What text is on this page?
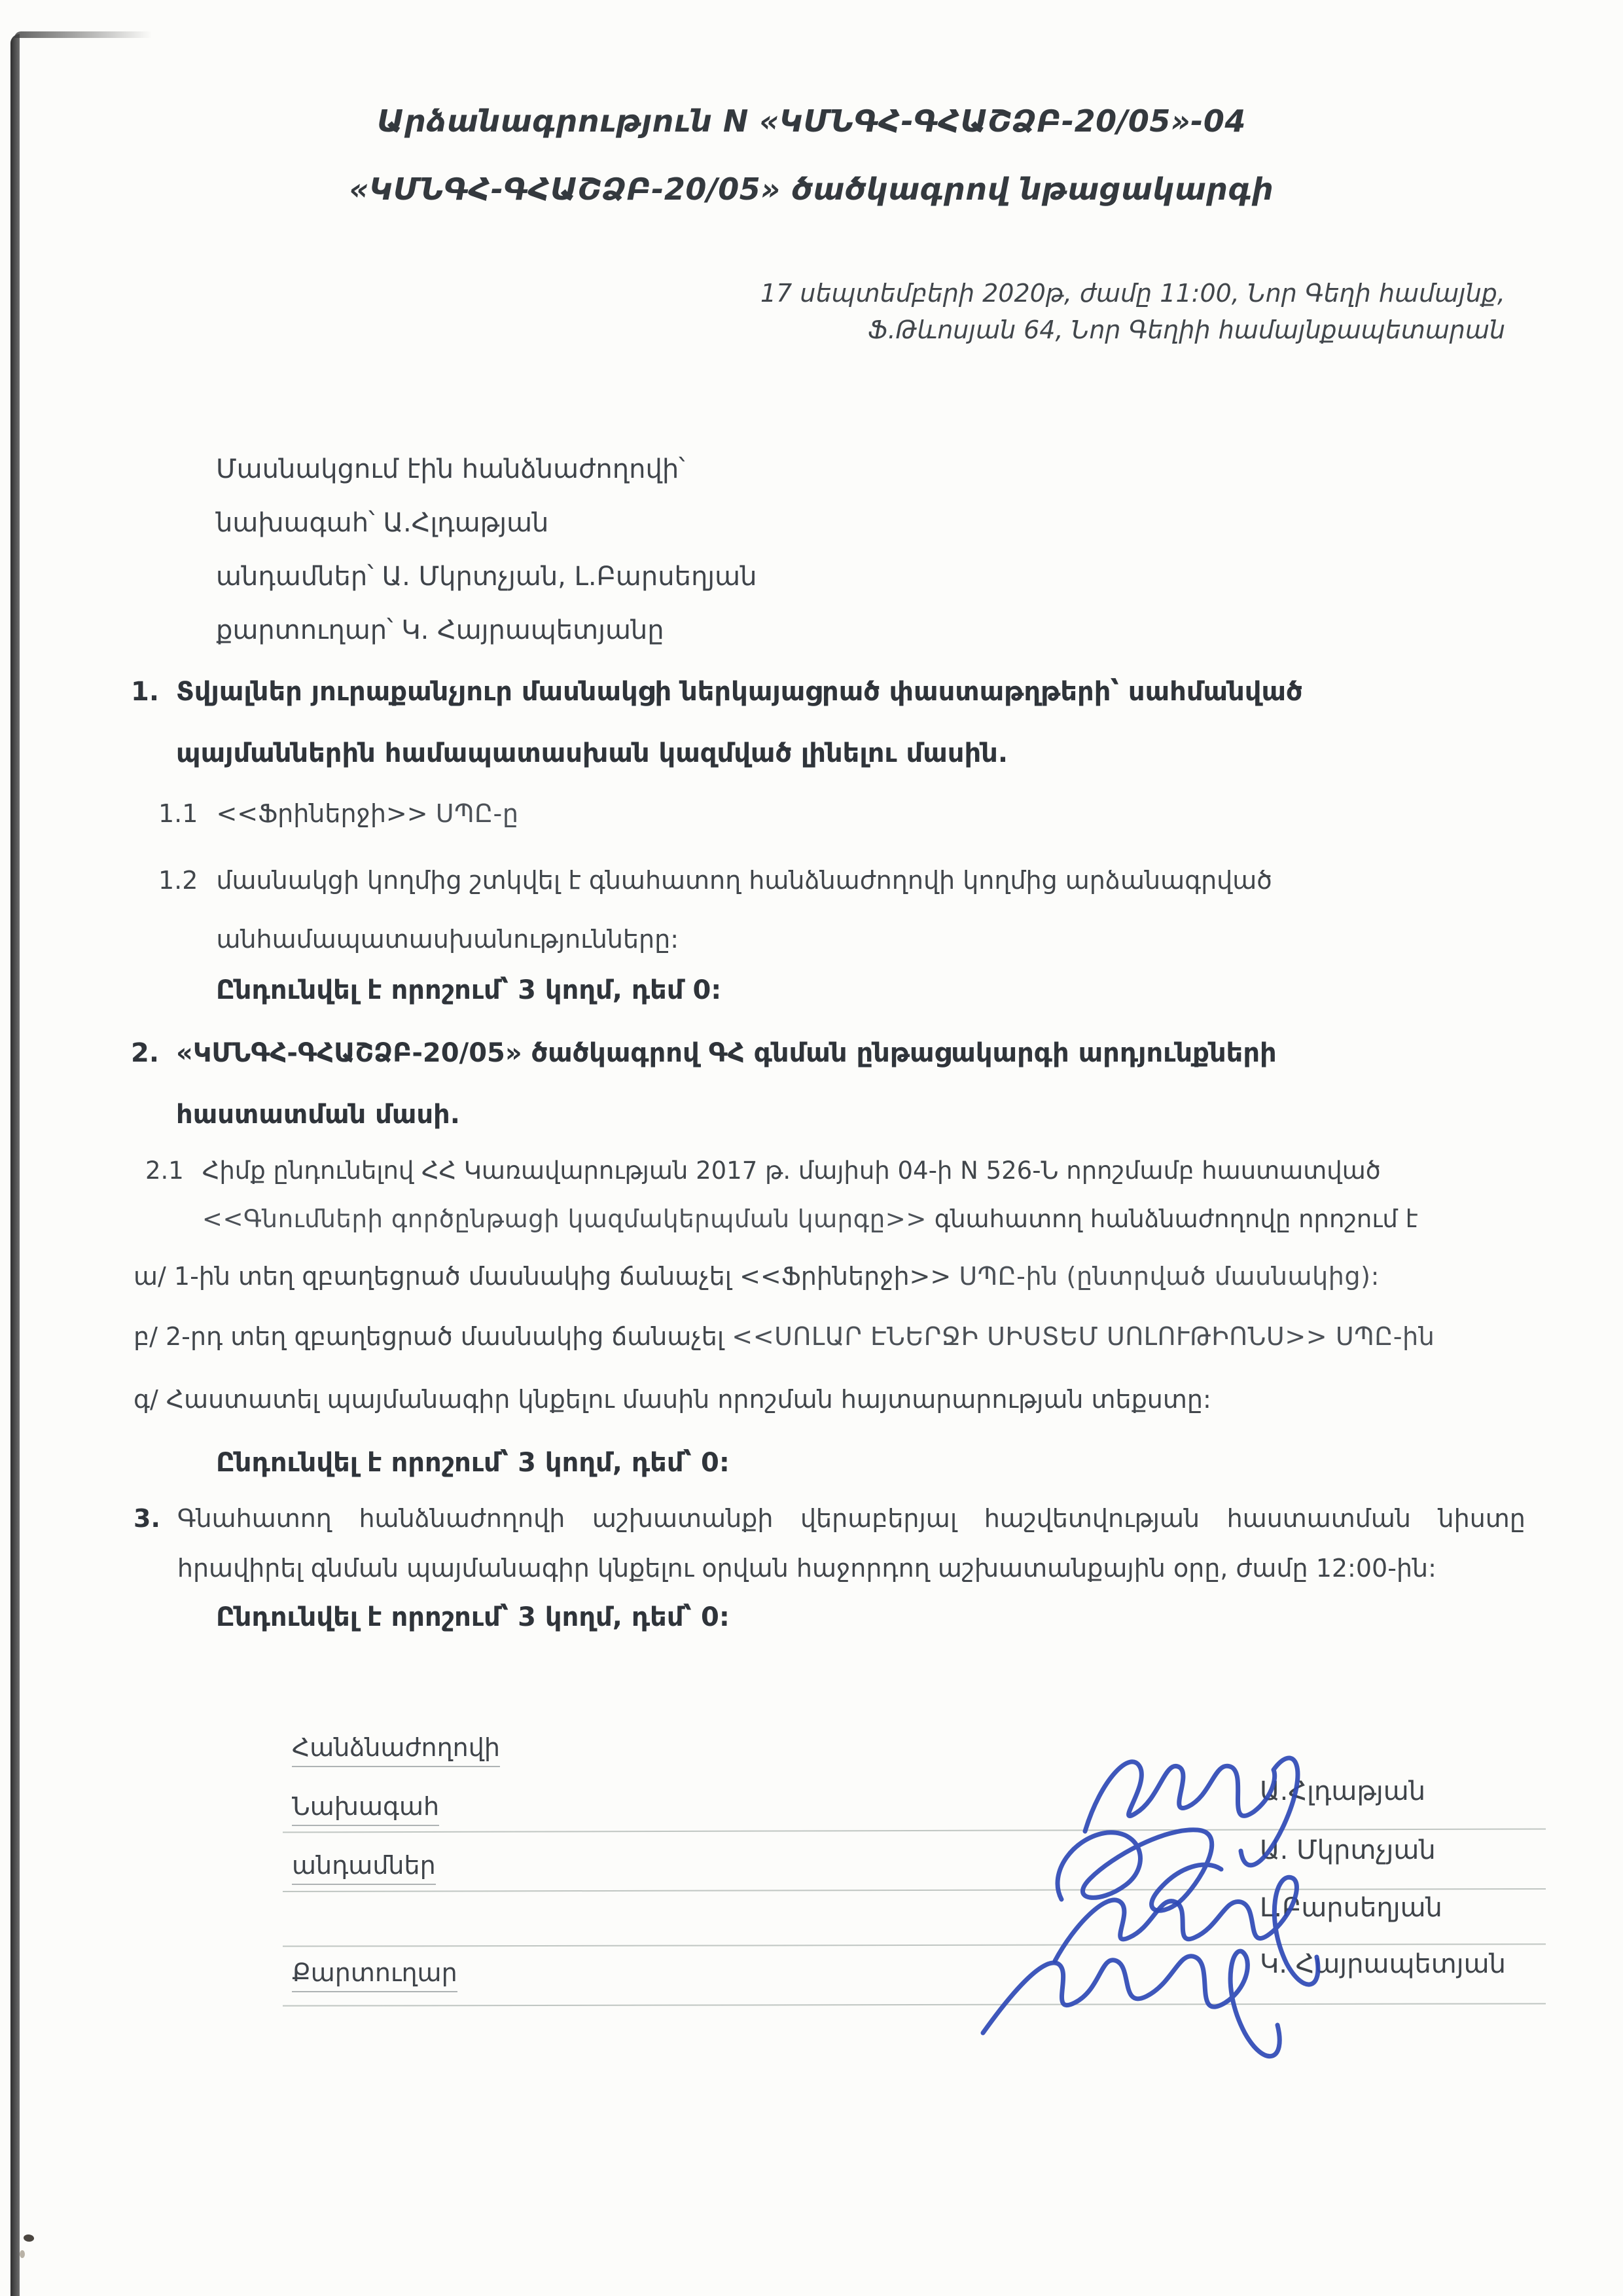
Արձանագրություն N «ԿՄՆԳՀ-ԳՀԱՇՁԲ-20/05»-04
«ԿՄՆԳՀ-ԳՀԱՇՁԲ-20/05» ծածկագրով նթացակարգի
17 սեպտեմբերի 2020թ, ժամը 11:00, Նոր Գեղի համայնք,
Ֆ.Թևոսյան 64, Նոր Գեղիի համայնքապետարան
Մասնակցում էին հանձնաժողովի՝
նախագահ՝ Ա.Հլդաթյան
անդամներ՝ Ա. Մկրտչյան, Լ.Բարսեղյան
քարտուղար՝ Կ. Հայրապետյանը
1. Տվյալներ յուրաքանչյուր մասնակցի ներկայացրած փաստաթղթերի՝ սահմանված պայմաններին համապատասխան կազմված լինելու մասին.
1.1 <<Ֆրիներջի>> ՍՊԸ-ը
1.2 մասնակցի կողմից շտկվել է գնահատող հանձնաժողովի կողմից արձանագրված անհամապատասխանությունները:
Ընդունվել է որոշում՝ 3 կողմ, դեմ 0:
2. «ԿՄՆԳՀ-ԳՀԱՇՁԲ-20/05» ծածկագրով ԳՀ գնման ընթացակարգի արդյունքների հաստատման մասի.
2.1 Հիմք ընդունելով ՀՀ Կառավարության 2017 թ. մայիսի 04-ի N 526-Ն որոշմամբ հաստատված <<Գնումների գործընթացի կազմակերպման կարգը>> գնահատող հանձնաժողովը որոշում է
ա/ 1-ին տեղ զբաղեցրած մասնակից ճանաչել <<Ֆրիներջի>> ՍՊԸ-ին (ընտրված մասնակից):
բ/ 2-րդ տեղ զբաղեցրած մասնակից ճանաչել <<ՍՈԼԱՐ ԷՆԵՐՋԻ ՍԻՍՏԵՄ ՍՈԼՈՒԹԻՈՆՍ>> ՍՊԸ-ին
գ/ Հաստատել պայմանագիր կնքելու մասին որոշման հայտարարության տեքստը:
Ընդունվել է որոշում՝ 3 կողմ, դեմ՝ 0:
3. Գնահատող հանձնաժողովի աշխատանքի վերաբերյալ հաշվետվության հաստատման նիստը հրավիրել գնման պայմանագիր կնքելու օրվան հաջորդող աշխատանքային օրը, ժամը 12:00-ին:
Ընդունվել է որոշում՝ 3 կողմ, դեմ՝ 0:
Հանձնաժողովի
Նախագահ
անդամներ
Քարտուղար
Ա.Հլդաթյան
Ա. Մկրտչյան
Լ.Բարսեղյան
Կ. Հայրապետյան
